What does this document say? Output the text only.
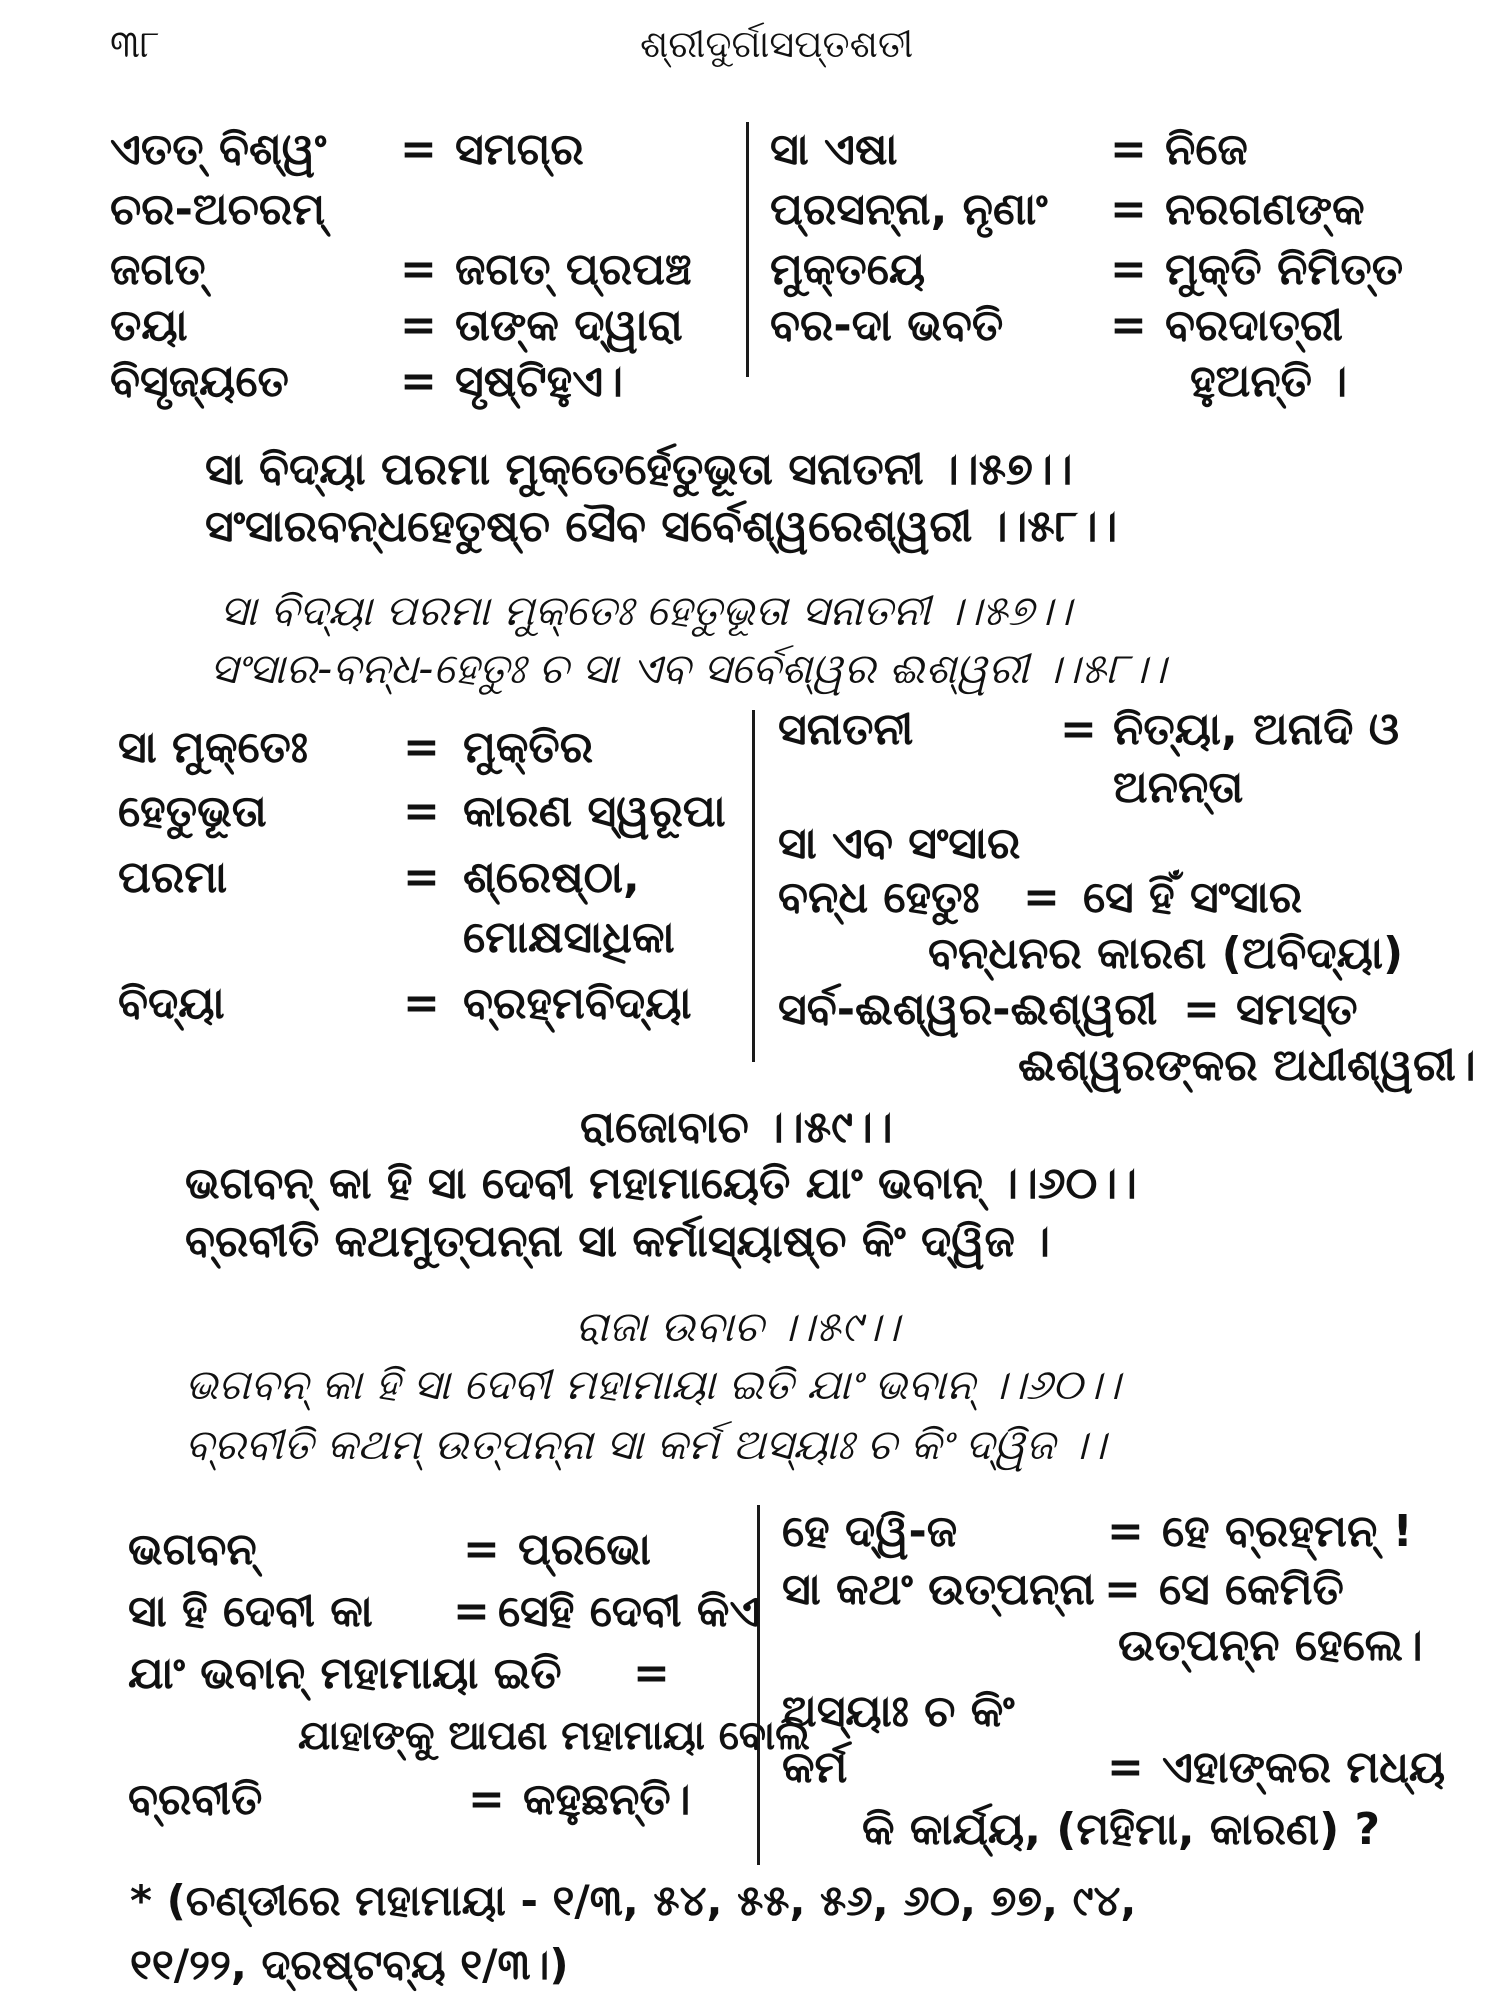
୩୮	ଶ୍ରୀଦୁର୍ଗାସପ୍ତଶତୀ
ଏତତ୍ ବିଶ୍ୱଂ = ସମଗ୍ର
ଚର-ଅଚରମ୍
ଜଗତ୍	= ଜଗତ୍ ପ୍ରପଞ୍ଚ
ତୟା	= ତାଙ୍କ ଦ୍ୱାରା
ବିସୃଜ୍ୟତେ	= ସୃଷ୍ଟିହୁଏ।
ସା ଏଷା	= ନିଜେ
ପ୍ରସନ୍ନା, ନୃଣାଂ = ନରଗଣଙ୍କ
ମୁକ୍ତୟେ	= ମୁକ୍ତି ନିମିତ୍ତ
ବର-ଦା ଭବତି = ବରଦାତ୍ରୀ
ହୁଅନ୍ତି ।
ସା ବିଦ୍ୟା ପରମା ମୁକ୍ତେର୍ହେତୁଭୂତା ସନାତନୀ ।।୫୭।।
ସଂସାରବନ୍ଧହେତୁଷ୍ଚ ସୈବ ସର୍ବେଶ୍ୱରେଶ୍ୱରୀ ।।୫୮।।
ସା ବିଦ୍ୟା ପରମା ମୁକ୍ତେଃ ହେତୁଭୂତା ସନାତନୀ ।।୫୭।।
ସଂସାର-ବନ୍ଧ-ହେତୁଃ ଚ ସା ଏବ ସର୍ବେଶ୍ୱର ଈଶ୍ୱରୀ ।।୫୮।।
ସା ମୁକ୍ତେଃ = ମୁକ୍ତିର
ହେତୁଭୂତା	= କାରଣ ସ୍ୱରୂପା
ପରମା	= ଶ୍ରେଷ୍ଠା,
ମୋକ୍ଷସାଧିକା
ବିଦ୍ୟା	= ବ୍ରହ୍ମବିଦ୍ୟା
ସନାତନୀ	= ନିତ୍ୟା, ଅନାଦି ଓ
ଅନନ୍ତା
ସା ଏବ ସଂସାର
ବନ୍ଧ ହେତୁଃ = ସେ ହିଁ ସଂସାର
ବନ୍ଧନର କାରଣ (ଅବିଦ୍ୟା)
ସର୍ବ-ଈଶ୍ୱର-ଈଶ୍ୱରୀ = ସମସ୍ତ
ଈଶ୍ୱରଙ୍କର ଅଧୀଶ୍ୱରୀ।
ରାଜୋବାଚ ।।୫୯।।
ଭଗବନ୍ କା ହି ସା ଦେବୀ ମହାମାୟେତି ଯାଂ ଭବାନ୍ ।।୬୦।।
ବ୍ରବୀତି କଥମୁତ୍ପନ୍ନା ସା କର୍ମାସ୍ୟାଷ୍ଚ କିଂ ଦ୍ୱିଜ ।
ରାଜା ଉବାଚ ।।୫୯।।
ଭଗବନ୍ କା ହି ସା ଦେବୀ ମହାମାୟା ଇତି ଯାଂ ଭବାନ୍ ।।୬୦।।
ବ୍ରବୀତି କଥମ୍ ଉତ୍ପନ୍ନା ସା କର୍ମ ଅସ୍ୟାଃ ଚ କିଂ ଦ୍ୱିଜ ।।
ଭଗବନ୍	= ପ୍ରଭୋ
ସା ହି ଦେବୀ କା = ସେହି ଦେବୀ କିଏ
ଯାଂ ଭବାନ୍ ମହାମାୟା ଇତି =
ଯାହାଙ୍କୁ ଆପଣ ମହାମାୟା ବୋଲି
ବ୍ରବୀତି	= କହୁଛନ୍ତି।
ହେ ଦ୍ୱି-ଜ	= ହେ ବ୍ରହ୍ମନ୍ !
ସା କଥଂ ଉତ୍ପନ୍ନା = ସେ କେମିତି
ଉତ୍ପନ୍ନ ହେଲେ।
ଅସ୍ୟାଃ ଚ କିଂ
କର୍ମ	= ଏହାଙ୍କର ମଧ୍ୟ
କି କାର୍ଯ୍ୟ, (ମହିମା, କାରଣ) ?
* (ଚଣ୍ଡୀରେ ମହାମାୟା - ୧/୩, ୫୪, ୫୫, ୫୬, ୬୦, ୭୭, ୯୪,
୧୧/୨୨, ଦ୍ରଷ୍ଟବ୍ୟ ୧/୩।)
